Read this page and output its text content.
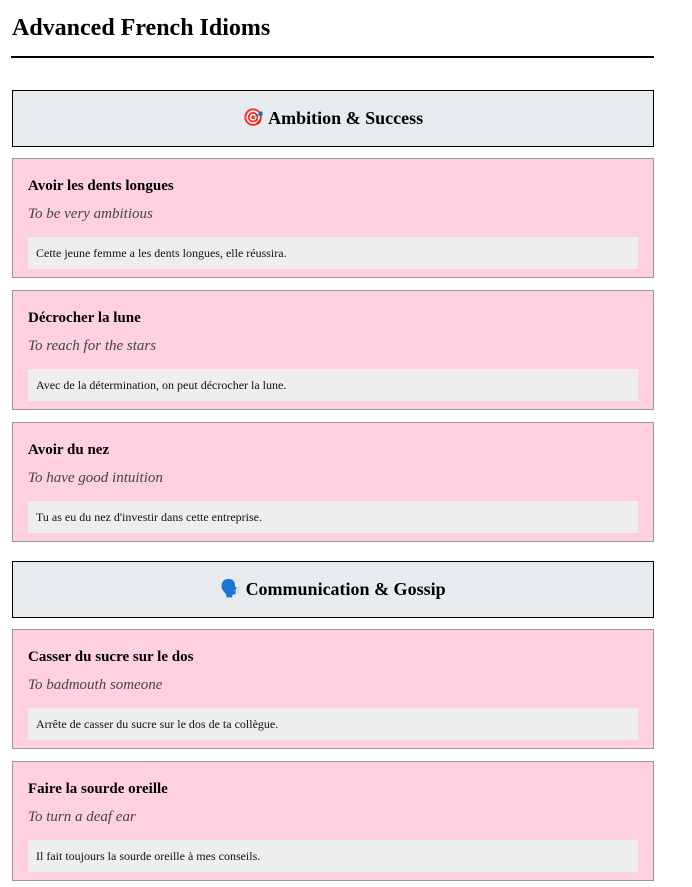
Advanced French Idioms
🎯 Ambition & Success
Avoir les dents longues
To be very ambitious
Cette jeune femme a les dents longues, elle réussira.
Décrocher la lune
To reach for the stars
Avec de la détermination, on peut décrocher la lune.
Avoir du nez
To have good intuition
Tu as eu du nez d'investir dans cette entreprise.
🗣️ Communication & Gossip
Casser du sucre sur le dos
To badmouth someone
Arrête de casser du sucre sur le dos de ta collègue.
Faire la sourde oreille
To turn a deaf ear
Il fait toujours la sourde oreille à mes conseils.
